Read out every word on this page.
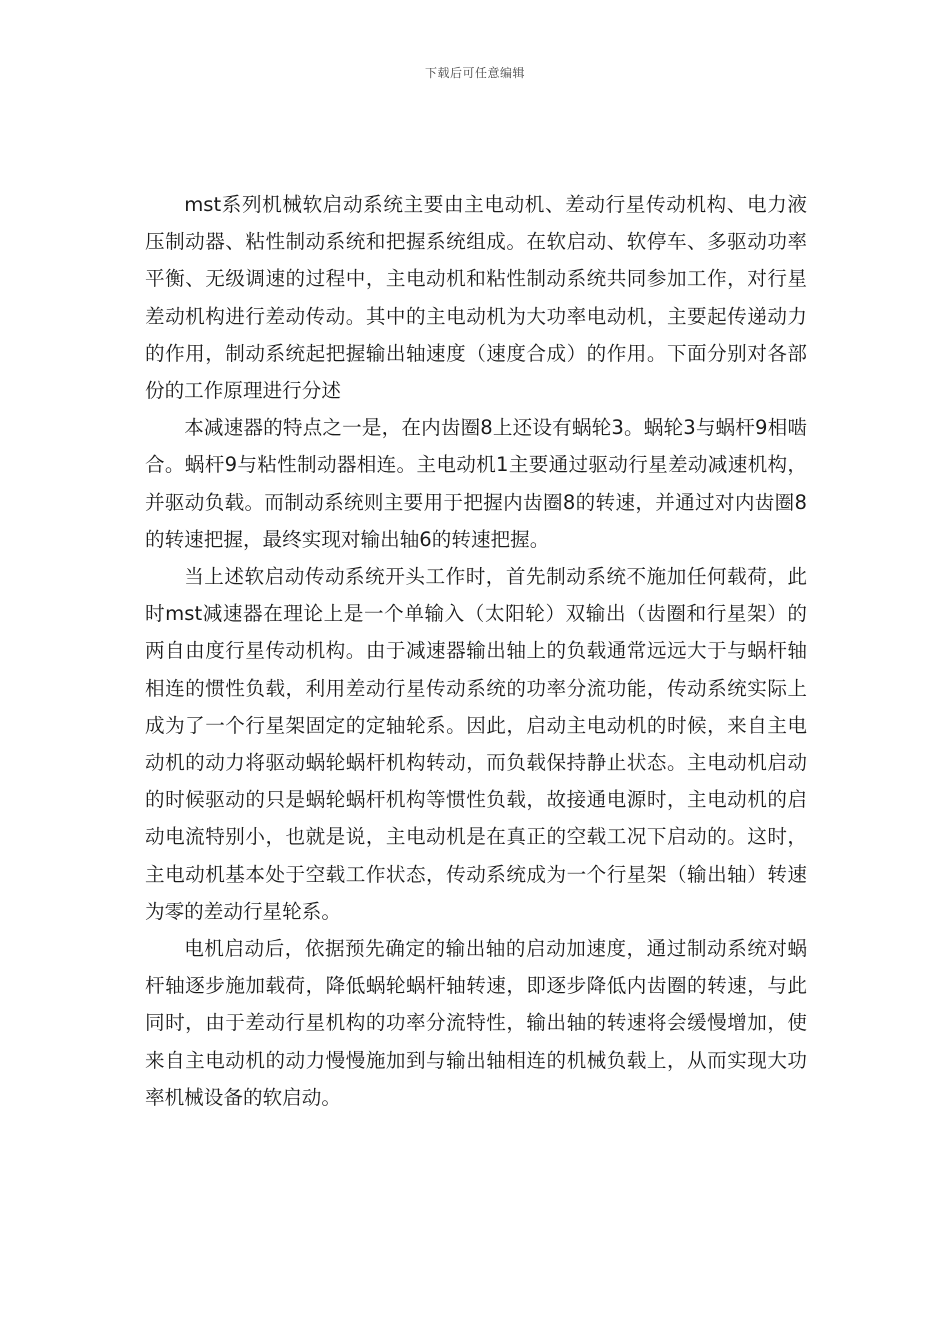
下载后可任意编辑

mst系列机械软启动系统主要由主电动机、差动行星传动机构、电力液压制动器、粘性制动系统和把握系统组成。在软启动、软停车、多驱动功率平衡、无级调速的过程中，主电动机和粘性制动系统共同参加工作，对行星差动机构进行差动传动。其中的主电动机为大功率电动机，主要起传递动力的作用，制动系统起把握输出轴速度（速度合成）的作用。下面分别对各部份的工作原理进行分述

本减速器的特点之一是，在内齿圈8上还设有蜗轮3。蜗轮3与蜗杆9相啮合。蜗杆9与粘性制动器相连。主电动机1主要通过驱动行星差动减速机构，并驱动负载。而制动系统则主要用于把握内齿圈8的转速，并通过对内齿圈8的转速把握，最终实现对输出轴6的转速把握。

当上述软启动传动系统开头工作时，首先制动系统不施加任何载荷，此时mst减速器在理论上是一个单输入（太阳轮）双输出（齿圈和行星架）的两自由度行星传动机构。由于减速器输出轴上的负载通常远远大于与蜗杆轴相连的惯性负载，利用差动行星传动系统的功率分流功能，传动系统实际上成为了一个行星架固定的定轴轮系。因此，启动主电动机的时候，来自主电动机的动力将驱动蜗轮蜗杆机构转动，而负载保持静止状态。主电动机启动的时候驱动的只是蜗轮蜗杆机构等惯性负载，故接通电源时，主电动机的启动电流特别小，也就是说，主电动机是在真正的空载工况下启动的。这时，主电动机基本处于空载工作状态，传动系统成为一个行星架（输出轴）转速为零的差动行星轮系。

电机启动后，依据预先确定的输出轴的启动加速度，通过制动系统对蜗杆轴逐步施加载荷，降低蜗轮蜗杆轴转速，即逐步降低内齿圈的转速，与此同时，由于差动行星机构的功率分流特性，输出轴的转速将会缓慢增加，使来自主电动机的动力慢慢施加到与输出轴相连的机械负载上，从而实现大功率机械设备的软启动。
